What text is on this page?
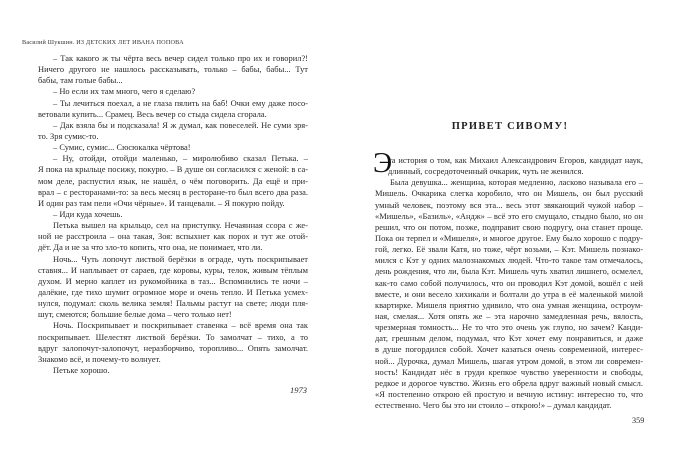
Василий Шукшин. ИЗ ДЕТСКИХ ЛЕТ ИВАНА ПОПОВА
– Так какого ж ты чёрта весь вечер сидел только про их и говорил?!
Ничего другого не нашлось рассказывать, только – бабы, бабы... Тут
бабы, там голые бабы...
– Но если их там много, чего я сделаю?
– Ты лечиться поехал, а не глаза пялить на баб! Очки ему даже посо-
ветовали купить... Срамец. Весь вечер со стыда сидела сгорала.
– Дак взяла бы и подсказала! Я ж думал, как повеселей. Не суми зря-
то. Зря сумис-то.
– Сумис, сумис... Сюсюкалка чёртова!
– Ну, отойди, отойди маленько, – миролюбиво сказал Петька. –
Я пока на крыльце посижу, покурю. – В душе он согласился с женой: в са-
мом деле, распустил язык, не нашёл, о чём поговорить. Да ещё и при-
врал – с ресторанами-то: за весь месяц в ресторане-то был всего два раза.
И один раз там пели «Очи чёрные». И танцевали. – Я покурю пойду.
– Иди куда хочешь.
Петька вышел на крыльцо, сел на приступку. Нечаянная ссора с же-
ной не расстроила – она такая, Зоя: вспыхнет как порох и тут же отой-
дёт. Да и не за что зло-то копить, что она, не понимает, что ли.
Ночь... Чуть лопочут листвой берёзки в ограде, чуть поскрипывает
ставня... И наплывает от сараев, где коровы, куры, телок, живым тёплым
духом. И мерно каплет из рукомойника в таз... Вспомнились те ночи –
далёкие, где тихо шумит огромное море и очень тепло. И Петька усмех-
нулся, подумал: сколь велика земля! Пальмы растут на свете; люди пля-
шут, смеются; большие белые дома – чего только нет!
Ночь. Поскрипывает и поскрипывает ставенка – всё время она так
поскрипывает. Шелестят листвой берёзки. То замолчат – тихо, а то
вдруг залопочут-залопочут, неразборчиво, торопливо... Опять замолчат.
Знакомо всё, и почему-то волнует.
Петьке хорошо.
1973
ПРИВЕТ СИВОМУ!
Э
та история о том, как Михаил Александрович Егоров, кандидат наук,
длинный, сосредоточенный очкарик, чуть не женился.
Была девушка... женщина, которая медленно, ласково называла его –
Мишель. Очкарика слегка коробило, что он Мишель, он был русский
умный человек, поэтому вся эта... весь этот звякающий чужой набор –
«Мишель», «Базиль», «Андж» – всё это его смущало, стыдно было, но он
решил, что он потом, позже, подправит свою подругу, она станет проще.
Пока он терпел и «Мишеля», и многое другое. Ему было хорошо с подру-
гой, легко. Её звали Катя, но тоже, чёрт возьми, – Кэт. Мишель познако-
мился с Кэт у одних малознакомых людей. Что-то такое там отмечалось,
день рождения, что ли, была Кэт. Мишель чуть хватил лишнего, осмелел,
как-то само собой получилось, что он проводил Кэт домой, вошёл с ней
вместе, и они весело хихикали и болтали до утра в её маленькой милой
квартирке. Мишеля приятно удивило, что она умная женщина, остроум-
ная, смелая... Хотя опять же – эта нарочно замедленная речь, вялость,
чрезмерная томность... Не то что это очень уж глупо, но зачем? Канди-
дат, грешным делом, подумал, что Кэт хочет ему понравиться, и даже
в душе погордился собой. Хочет казаться очень современной, интерес-
ной... Дурочка, думал Мишель, шагая утром домой, в этом ли современ-
ность! Кандидат нёс в груди крепкое чувство уверенности и свободы,
редкое и дорогое чувство. Жизнь его обрела вдруг важный новый смысл.
«Я постепенно открою ей простую и вечную истину: интересно то, что
естественно. Чего бы это ни стоило – открою!» – думал кандидат.
359
